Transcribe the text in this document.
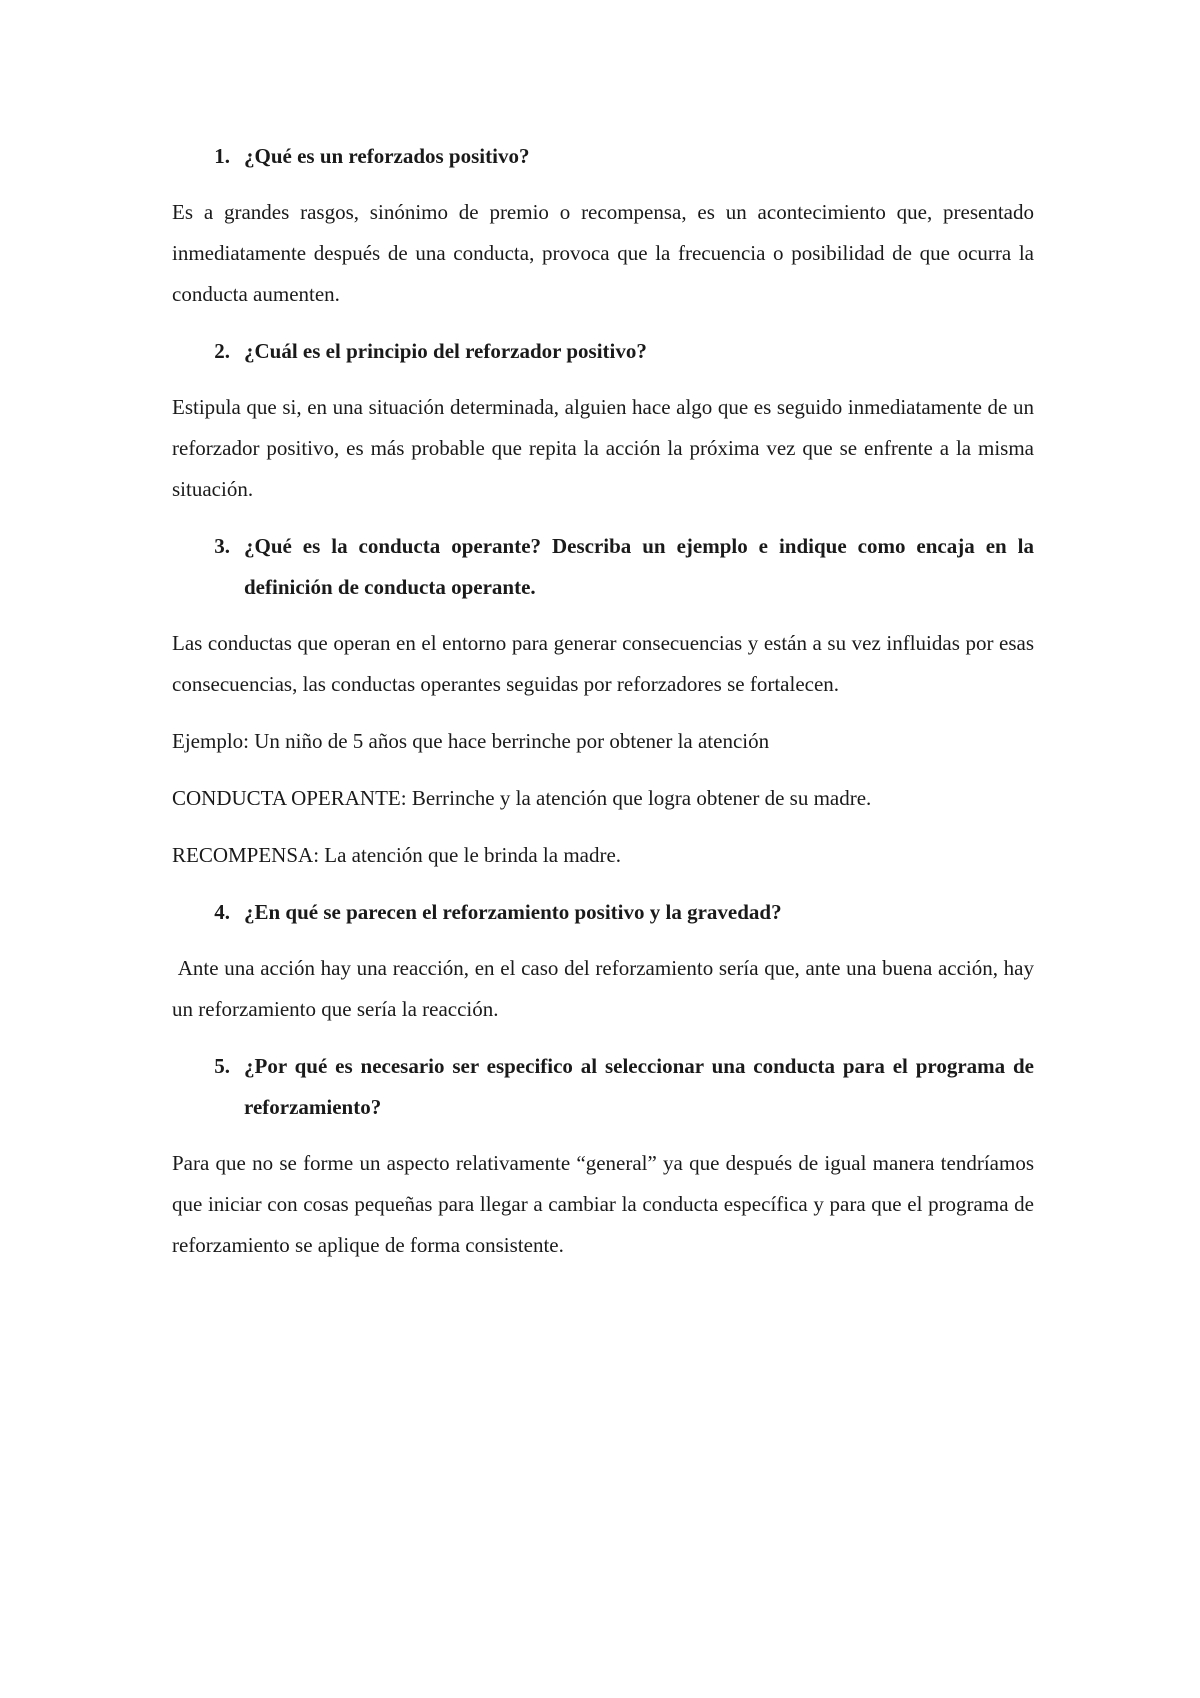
1. ¿Qué es un reforzados positivo?
Es a grandes rasgos, sinónimo de premio o recompensa, es un acontecimiento que, presentado inmediatamente después de una conducta, provoca que la frecuencia o posibilidad de que ocurra la conducta aumenten.
2. ¿Cuál es el principio del reforzador positivo?
Estipula que si, en una situación determinada, alguien hace algo que es seguido inmediatamente de un reforzador positivo, es más probable que repita la acción la próxima vez que se enfrente a la misma situación.
3. ¿Qué es la conducta operante? Describa un ejemplo e indique como encaja en la definición de conducta operante.
Las conductas que operan en el entorno para generar consecuencias y están a su vez influidas por esas consecuencias, las conductas operantes seguidas por reforzadores se fortalecen.
Ejemplo: Un niño de 5 años que hace berrinche por obtener la atención
CONDUCTA OPERANTE: Berrinche y la atención que logra obtener de su madre.
RECOMPENSA: La atención que le brinda la madre.
4. ¿En qué se parecen el reforzamiento positivo y la gravedad?
Ante una acción hay una reacción, en el caso del reforzamiento sería que, ante una buena acción, hay un reforzamiento que sería la reacción.
5. ¿Por qué es necesario ser especifico al seleccionar una conducta para el programa de reforzamiento?
Para que no se forme un aspecto relativamente “general” ya que después de igual manera tendríamos que iniciar con cosas pequeñas para llegar a cambiar la conducta específica y para que el programa de reforzamiento se aplique de forma consistente.
